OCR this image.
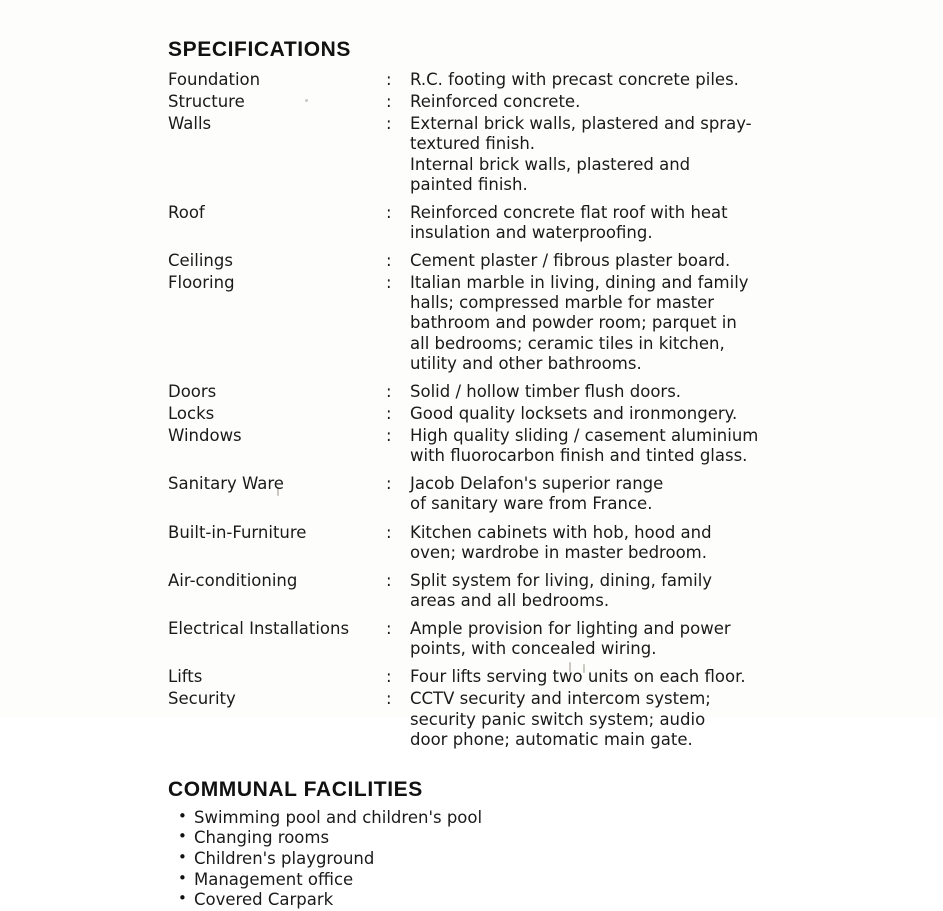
SPECIFICATIONS
Foundation	:	R.C. footing with precast concrete piles.

Structure	:	Reinforced concrete.

Walls	:	External brick walls, plastered and spray-
textured finish.
Internal brick walls, plastered and
painted finish.

Roof	:	Reinforced concrete flat roof with heat
insulation and waterproofing.

Ceilings	:	Cement plaster / fibrous plaster board.

Flooring	:	Italian marble in living, dining and family
halls; compressed marble for master
bathroom and powder room; parquet in
all bedrooms; ceramic tiles in kitchen,
utility and other bathrooms.

Doors	:	Solid / hollow timber flush doors.

Locks	:	Good quality locksets and ironmongery.

Windows	:	High quality sliding / casement aluminium
with fluorocarbon finish and tinted glass.

Sanitary Ware	:	Jacob Delafon's superior range
of sanitary ware from France.

Built-in-Furniture	:	Kitchen cabinets with hob, hood and
oven; wardrobe in master bedroom.

Air-conditioning	:	Split system for living, dining, family
areas and all bedrooms.

Electrical Installations	:	Ample provision for lighting and power
points, with concealed wiring.

Lifts	:	Four lifts serving two units on each floor.

Security	:	CCTV security and intercom system;
security panic switch system; audio
door phone; automatic main gate.
COMMUNAL FACILITIES
• Swimming pool and children's pool
• Changing rooms
• Children's playground
• Management office
• Covered Carpark
